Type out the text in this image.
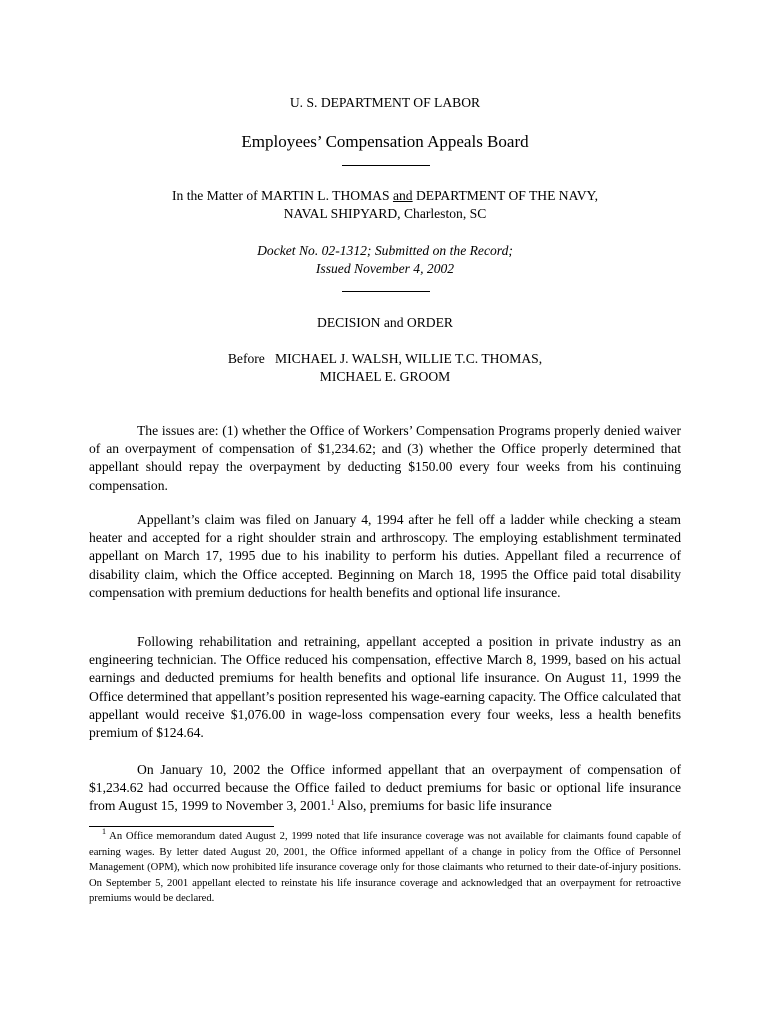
U. S. DEPARTMENT OF LABOR
Employees’ Compensation Appeals Board
In the Matter of MARTIN L. THOMAS and DEPARTMENT OF THE NAVY,
NAVAL SHIPYARD, Charleston, SC
Docket No. 02-1312; Submitted on the Record;
Issued November 4, 2002
DECISION and ORDER
Before   MICHAEL J. WALSH, WILLIE T.C. THOMAS,
MICHAEL E. GROOM

The issues are: (1) whether the Office of Workers’ Compensation Programs properly denied waiver of an overpayment of compensation of $1,234.62; and (3) whether the Office properly determined that appellant should repay the overpayment by deducting $150.00 every four weeks from his continuing compensation.

Appellant’s claim was filed on January 4, 1994 after he fell off a ladder while checking a steam heater and accepted for a right shoulder strain and arthroscopy. The employing establishment terminated appellant on March 17, 1995 due to his inability to perform his duties. Appellant filed a recurrence of disability claim, which the Office accepted. Beginning on March 18, 1995 the Office paid total disability compensation with premium deductions for health benefits and optional life insurance.

Following rehabilitation and retraining, appellant accepted a position in private industry as an engineering technician. The Office reduced his compensation, effective March 8, 1999, based on his actual earnings and deducted premiums for health benefits and optional life insurance. On August 11, 1999 the Office determined that appellant’s position represented his wage-earning capacity. The Office calculated that appellant would receive $1,076.00 in wage-loss compensation every four weeks, less a health benefits premium of $124.64.

On January 10, 2002 the Office informed appellant that an overpayment of compensation of $1,234.62 had occurred because the Office failed to deduct premiums for basic or optional life insurance from August 15, 1999 to November 3, 2001.$^1$ Also, premiums for basic life insurance

$^1$ An Office memorandum dated August 2, 1999 noted that life insurance coverage was not available for claimants found capable of earning wages. By letter dated August 20, 2001, the Office informed appellant of a change in policy from the Office of Personnel Management (OPM), which now prohibited life insurance coverage only for those claimants who returned to their date-of-injury positions. On September 5, 2001 appellant elected to reinstate his life insurance coverage and acknowledged that an overpayment for retroactive premiums would be declared.
